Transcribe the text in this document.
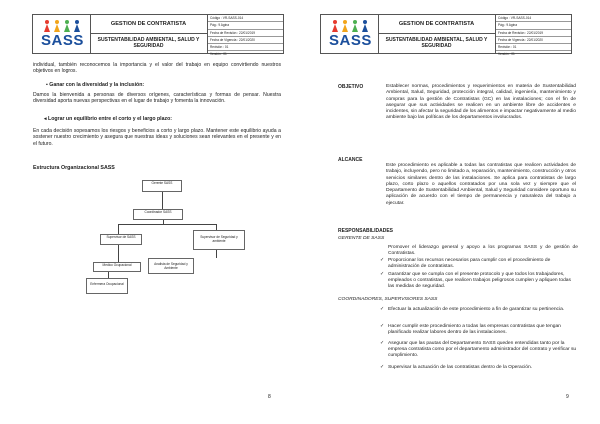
SASS
GESTION DE CONTRATISTA
SUSTENTABILIDAD AMBIENTAL, SALUD Y SEGURIDAD
Código : VR-SASS-014
Pág.: 9 Agina
Fecha de Revisión : 22/01/2019
Fecha de Vigencia : 22/01/2020
Revisión : 01
Versión : 01
individual, también reconocemos la importancia y el valor del trabajo en equipo convirtiendo nuestros objetivos en logros.
▪ Ganar con la diversidad y la inclusión:
Damos la bienvenida a personas de diversos orígenes, características y formas de pensar. Nuestra diversidad aporta nuevas perspectivas en el lugar de trabajo y fomenta la innovación.
◂ Lograr un equilibrio entre el corto y el largo plazo:
En cada decisión sopesamos los riesgos y beneficios a corto y largo plazo. Mantener este equilibrio ayuda a sostener nuestro crecimiento y asegura que nuestras ideas y soluciones sean relevantes en el presente y en el futuro.
Estructura Organizacional SASS
Gerente SASS
Coordinador SASS
Supervisor de SASS	Supervisor de Seguridad y ambiente
Medico Ocupacional	Analista de Seguridad y Ambiente
Enfermera Ocupacional
8
SASS
GESTION DE CONTRATISTA
SUSTENTABILIDAD AMBIENTAL, SALUD Y SEGURIDAD
Código : VR-SASS-014
Pág.: 9 Agina
Fecha de Revisión : 22/01/2019
Fecha de Vigencia : 22/01/2020
Revisión : 01
Versión : 01
OBJETIVO	Establecer normas, procedimientos y requerimientos en materia de Sustentabilidad Ambiental, Salud, Seguridad, protección integral, calidad, ingeniería, mantenimiento y compras para la gestión de Contratistas (GC) en las instalaciones; con el fin de asegurar que sus actividades se realicen en un ambiente libre de accidentes e incidentes, sin afectar la seguridad de los alimentos e impactar negativamente al medio ambiente bajo las políticas de los departamentos involucrados.
ALCANCE
Este procedimiento es aplicable a todas las contratistas que realicen actividades de trabajo, incluyendo, pero no limitado a, reparación, mantenimiento, construcción y otros servicios similares dentro de las instalaciones. Se aplica para contratistas de largo plazo, corto plazo o aquellos contratados por una sola vez y siempre que el Departamento de Sustentabilidad Ambiental, Salud y Seguridad considere oportuno su aplicación de acuerdo con el tiempo de permanencia y naturaleza del trabajo a ejecutar.
RESPONSABILIDADES
GERENTE DE SASS
Promover el liderazgo general y apoyo a los programas SASS y de gestión de Contratistas.
✓ Proporcionar los recursos necesarios para cumplir con el procedimiento de administración de contratistas.
✓ Garantizar que se cumpla con el presente protocolo y que todos los trabajadores, empleados o contratistas, que realicen trabajos peligrosos cumplen y apliquen todas las medidas de seguridad.
COORDINADORES, SUPERVISORES SASS
✓ Efectuar la actualización de este procedimiento a fin de garantizar su pertinencia.
✓ Hacer cumplir este procedimiento a todas las empresas contratistas que tengan planificado realizar labores dentro de las instalaciones.
✓ Asegurar que las pautas del Departamento SASS queden entendidas tanto por la empresa contratista como por el departamento administrador del contrato y verificar su cumplimiento.
✓ Supervisar la actuación de las contratistas dentro de la Operación.
9
